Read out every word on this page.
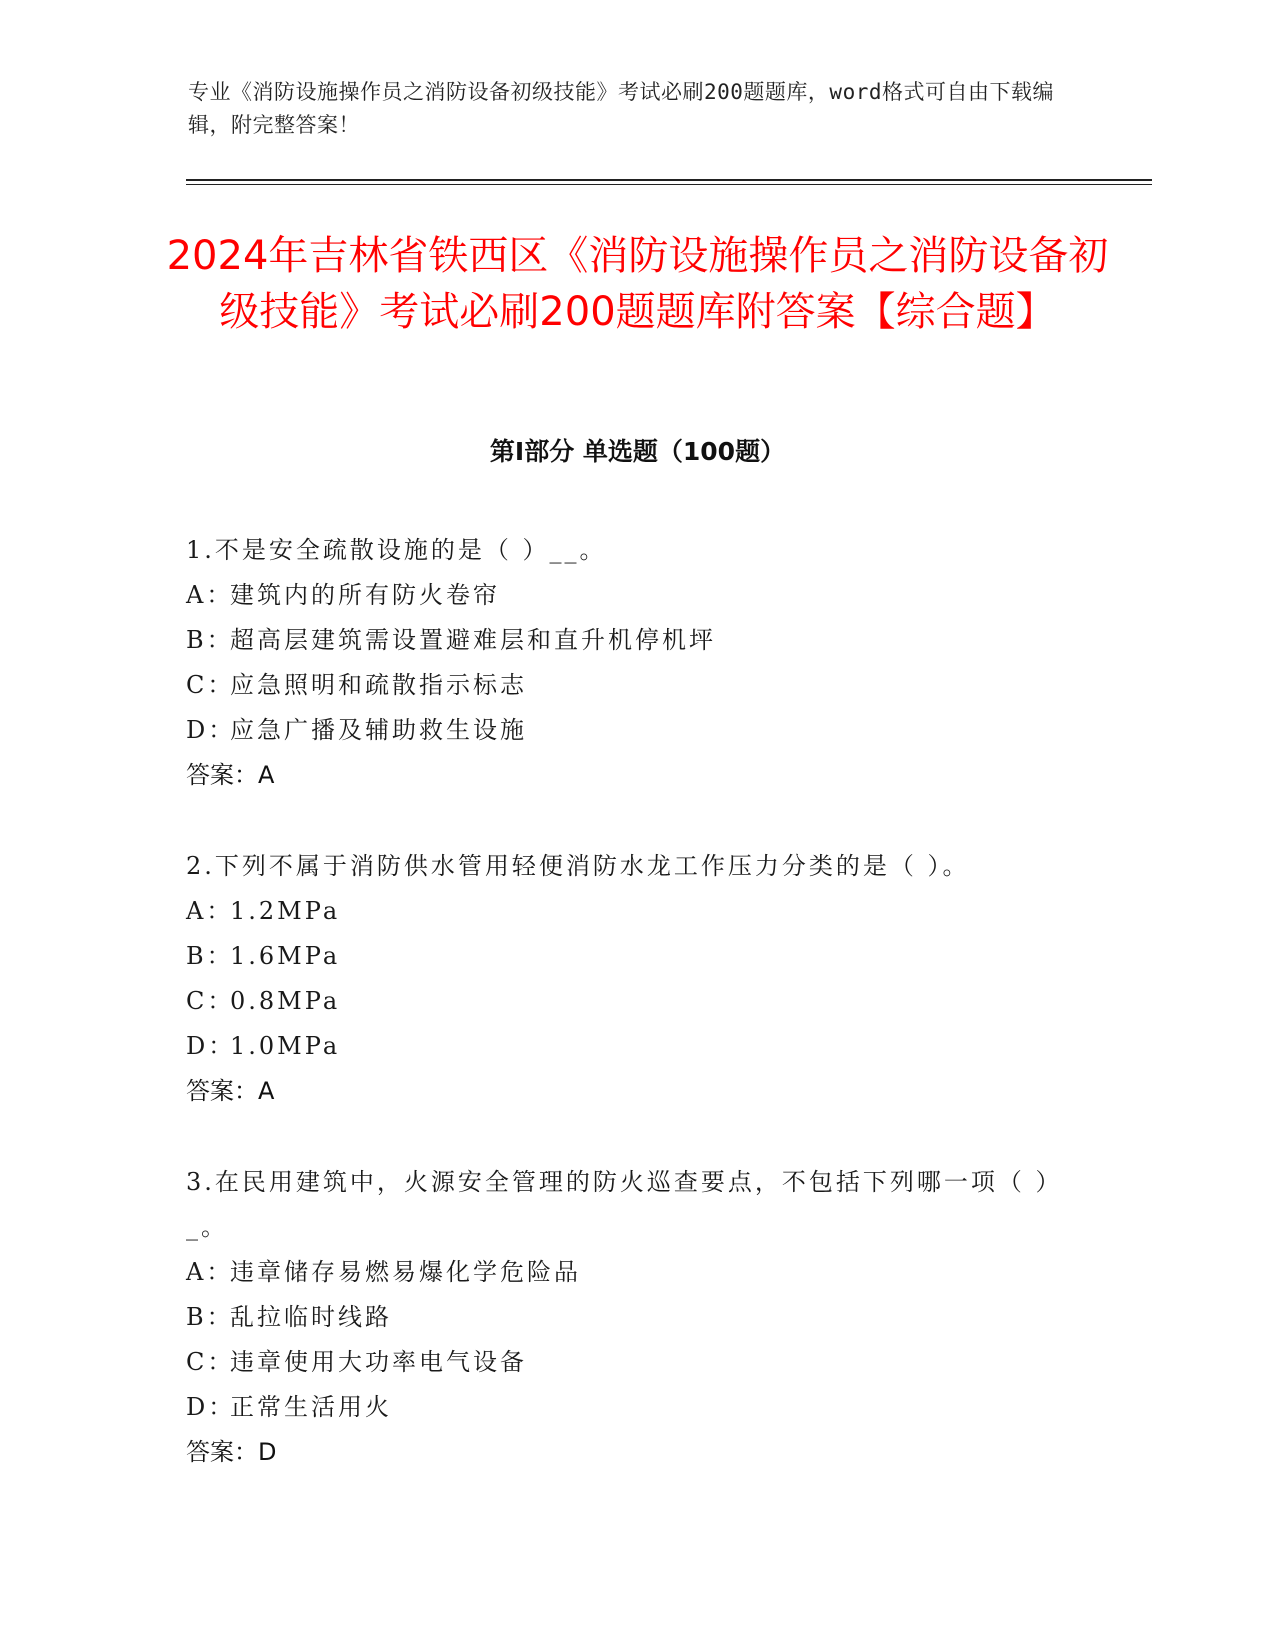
专业《消防设施操作员之消防设备初级技能》考试必刷200题题库，word格式可自由下载编辑，附完整答案！
2024年吉林省铁西区《消防设施操作员之消防设备初级技能》考试必刷200题题库附答案【综合题】
第I部分 单选题（100题）
1.不是安全疏散设施的是（ ）__。
A：
建筑内的所有防火卷帘
B：
超高层建筑需设置避难层和直升机停机坪
C：
应急照明和疏散指示标志
D：
应急广播及辅助救生设施
答案：A
2.下列不属于消防供水管用轻便消防水龙工作压力分类的是（ ）。
A：
1.2MPa
B：
1.6MPa
C：
0.8MPa
D：
1.0MPa
答案：A
3.在民用建筑中，火源安全管理的防火巡查要点，不包括下列哪一项（ ）_。
A：
违章储存易燃易爆化学危险品
B：
乱拉临时线路
C：
违章使用大功率电气设备
D：
正常生活用火
答案：D
